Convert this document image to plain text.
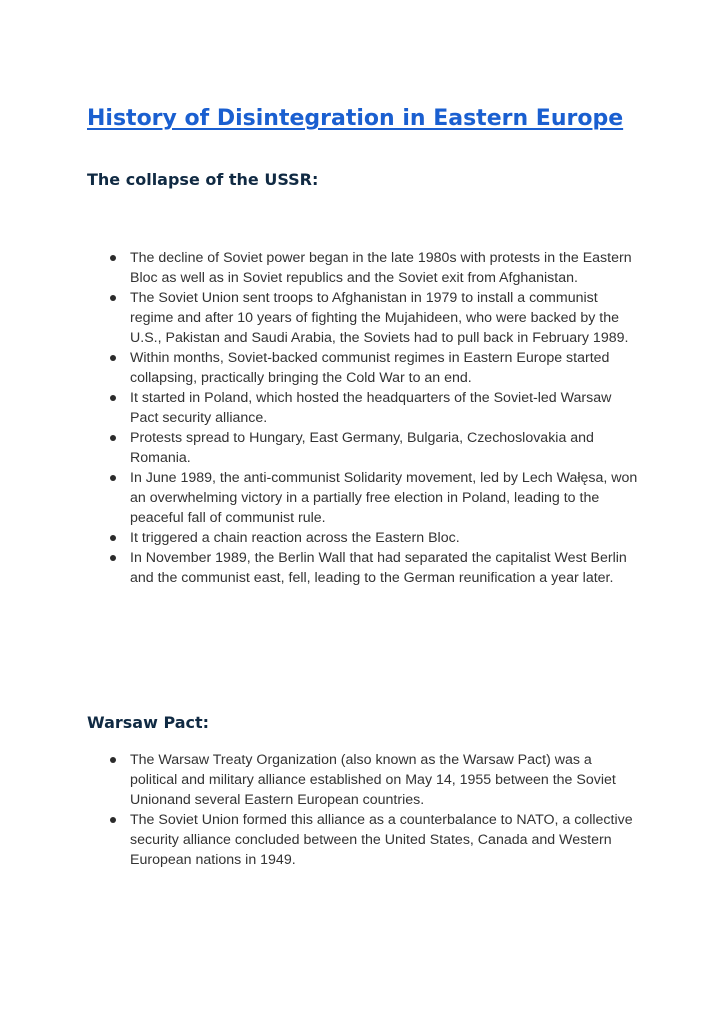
History of Disintegration in Eastern Europe
The collapse of the USSR:
The decline of Soviet power began in the late 1980s with protests in the Eastern Bloc as well as in Soviet republics and the Soviet exit from Afghanistan.
The Soviet Union sent troops to Afghanistan in 1979 to install a communist regime and after 10 years of fighting the Mujahideen, who were backed by the U.S., Pakistan and Saudi Arabia, the Soviets had to pull back in February 1989.
Within months, Soviet-backed communist regimes in Eastern Europe started collapsing, practically bringing the Cold War to an end.
It started in Poland, which hosted the headquarters of the Soviet-led Warsaw Pact security alliance.
Protests spread to Hungary, East Germany, Bulgaria, Czechoslovakia and Romania.
In June 1989, the anti-communist Solidarity movement, led by Lech Wałęsa, won an overwhelming victory in a partially free election in Poland, leading to the peaceful fall of communist rule.
It triggered a chain reaction across the Eastern Bloc.
In November 1989, the Berlin Wall that had separated the capitalist West Berlin and the communist east, fell, leading to the German reunification a year later.
Warsaw Pact:
The Warsaw Treaty Organization (also known as the Warsaw Pact) was a political and military alliance established on May 14, 1955 between the Soviet Unionand several Eastern European countries.
The Soviet Union formed this alliance as a counterbalance to NATO, a collective security alliance concluded between the United States, Canada and Western European nations in 1949.
